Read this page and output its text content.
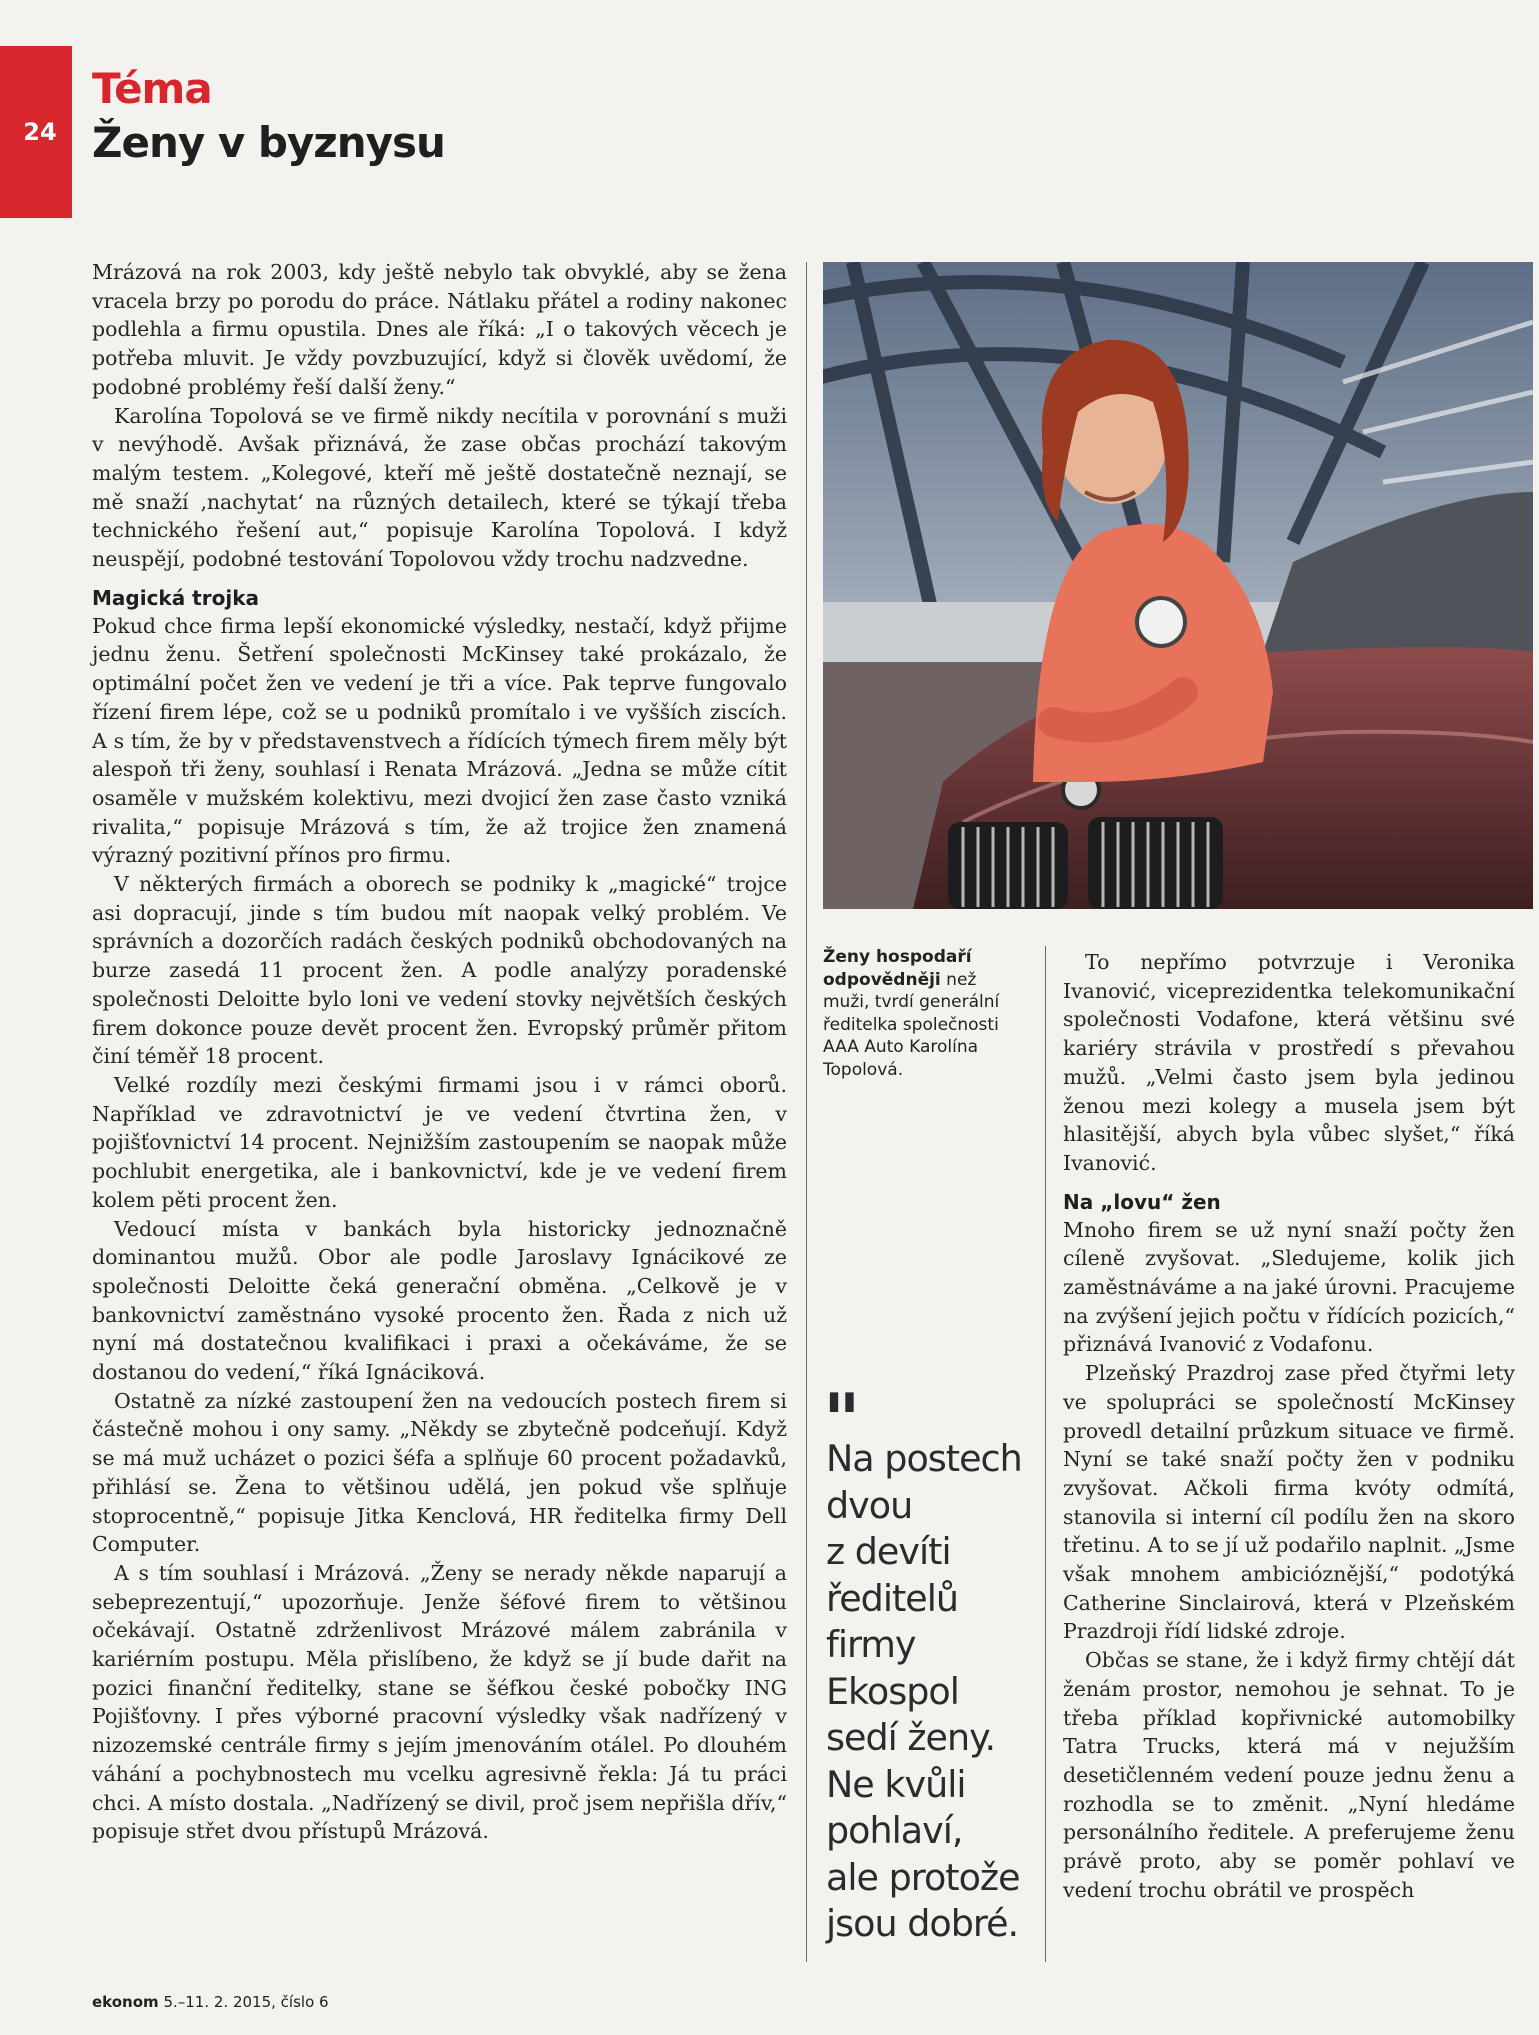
24
Téma
Ženy v byznysu

Mrázová na rok 2003, kdy ještě nebylo tak obvyklé, aby se žena vracela brzy po porodu do práce. Nátlaku přátel a rodiny nakonec podlehla a firmu opustila. Dnes ale říká: „I o takových věcech je potřeba mluvit. Je vždy povzbuzující, když si člověk uvědomí, že podobné problémy řeší další ženy.“

Karolína Topolová se ve firmě nikdy necítila v porovnání s muži v nevýhodě. Avšak přiznává, že zase občas prochází takovým malým testem. „Kolegové, kteří mě ještě dostatečně neznají, se mě snaží ‚nachytat‘ na různých detailech, které se týkají třeba technického řešení aut,“ popisuje Karolína Topolová. I když neuspějí, podobné testování Topolovou vždy trochu nadzvedne.

Magická trojka

Pokud chce firma lepší ekonomické výsledky, nestačí, když přijme jednu ženu. Šetření společnosti McKinsey také prokázalo, že optimální počet žen ve vedení je tři a více. Pak teprve fungovalo řízení firem lépe, což se u podniků promítalo i ve vyšších ziscích. A s tím, že by v představenstvech a řídících týmech firem měly být alespoň tři ženy, souhlasí i Renata Mrázová. „Jedna se může cítit osaměle v mužském kolektivu, mezi dvojicí žen zase často vzniká rivalita,“ popisuje Mrázová s tím, že až trojice žen znamená výrazný pozitivní přínos pro firmu.

V některých firmách a oborech se podniky k „magické“ trojce asi dopracují, jinde s tím budou mít naopak velký problém. Ve správních a dozorčích radách českých podniků obchodovaných na burze zasedá 11 procent žen. A podle analýzy poradenské společnosti Deloitte bylo loni ve vedení stovky největších českých firem dokonce pouze devět procent žen. Evropský průměr přitom činí téměř 18 procent.

Velké rozdíly mezi českými firmami jsou i v rámci oborů. Například ve zdravotnictví je ve vedení čtvrtina žen, v pojišťovnictví 14 procent. Nejnižším zastoupením se naopak může pochlubit energetika, ale i bankovnictví, kde je ve vedení firem kolem pěti procent žen.

Vedoucí místa v bankách byla historicky jednoznačně dominantou mužů. Obor ale podle Jaroslavy Ignácikové ze společnosti Deloitte čeká generační obměna. „Celkově je v bankovnictví zaměstnáno vysoké procento žen. Řada z nich už nyní má dostatečnou kvalifikaci i praxi a očekáváme, že se dostanou do vedení,“ říká Ignáciková.

Ostatně za nízké zastoupení žen na vedoucích postech firem si částečně mohou i ony samy. „Někdy se zbytečně podceňují. Když se má muž ucházet o pozici šéfa a splňuje 60 procent požadavků, přihlásí se. Žena to většinou udělá, jen pokud vše splňuje stoprocentně,“ popisuje Jitka Kenclová, HR ředitelka firmy Dell Computer.

A s tím souhlasí i Mrázová. „Ženy se nerady někde naparují a sebeprezentují,“ upozorňuje. Jenže šéfové firem to většinou očekávají. Ostatně zdrženlivost Mrázové málem zabránila v kariérním postupu. Měla přislíbeno, že když se jí bude dařit na pozici finanční ředitelky, stane se šéfkou české pobočky ING Pojišťovny. I přes výborné pracovní výsledky však nadřízený v nizozemské centrále firmy s jejím jmenováním otálel. Po dlouhém váhání a pochybnostech mu vcelku agresivně řekla: Já tu práci chci. A místo dostala. „Nadřízený se divil, proč jsem nepřišla dřív,“ popisuje střet dvou přístupů Mrázová.

Ženy hospodaří odpovědněji než muži, tvrdí generální ředitelka společnosti AAA Auto Karolína Topolová.
"
Na postech
dvou
z devíti
ředitelů
firmy
Ekospol
sedí ženy.
Ne kvůli
pohlaví,
ale protože
jsou dobré.

To nepřímo potvrzuje i Veronika Ivanović, viceprezidentka telekomunikační společnosti Vodafone, která většinu své kariéry strávila v prostředí s převahou mužů. „Velmi často jsem byla jedinou ženou mezi kolegy a musela jsem být hlasitější, abych byla vůbec slyšet,“ říká Ivanović.

Na „lovu“ žen

Mnoho firem se už nyní snaží počty žen cíleně zvyšovat. „Sledujeme, kolik jich zaměstnáváme a na jaké úrovni. Pracujeme na zvýšení jejich počtu v řídících pozicích,“ přiznává Ivanović z Vodafonu.

Plzeňský Prazdroj zase před čtyřmi lety ve spolupráci se společností McKinsey provedl detailní průzkum situace ve firmě. Nyní se také snaží počty žen v podniku zvyšovat. Ačkoli firma kvóty odmítá, stanovila si interní cíl podílu žen na skoro třetinu. A to se jí už podařilo naplnit. „Jsme však mnohem ambicióznější,“ podotýká Catherine Sinclairová, která v Plzeňském Prazdroji řídí lidské zdroje.

Občas se stane, že i když firmy chtějí dát ženám prostor, nemohou je sehnat. To je třeba příklad kopřivnické automobilky Tatra Trucks, která má v nejužším desetičlenném vedení pouze jednu ženu a rozhodla se to změnit. „Nyní hledáme personálního ředitele. A preferujeme ženu právě proto, aby se poměr pohlaví ve vedení trochu obrátil ve prospěch

ekonom 5.–11. 2. 2015, číslo 6
